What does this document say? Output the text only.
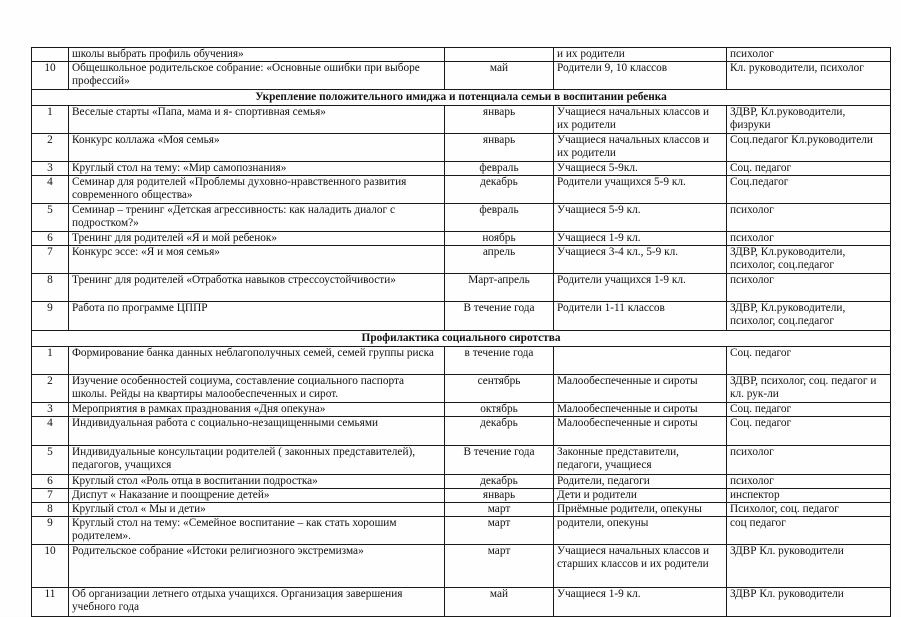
	школы выбрать профиль обучения»		и их родители	психолог
10	Общешкольное родительское собрание: «Основные ошибки при выборе профессий»	май	Родители 9, 10 классов	Кл. руководители, психолог
Укрепление положительного имиджа и потенциала семьи в воспитании ребенка				
1	Веселые старты «Папа, мама и я- спортивная семья»	январь	Учащиеся начальных классов и их родители	ЗДВР, Кл.руководители, физруки
2	Конкурс коллажа «Моя семья»	январь	Учащиеся начальных классов и их родители	Соц.педагог Кл.руководители
3	Круглый стол на тему: «Мир самопознания»	февраль	Учащиеся 5-9кл.	Соц. педагог
4	Семинар для родителей «Проблемы духовно-нравственного развития современного общества»	декабрь	Родители учащихся 5-9 кл.	Соц.педагог
5	Семинар – тренинг «Детская агрессивность: как наладить диалог с подростком?»	февраль	Учащиеся 5-9 кл.	психолог
6	Тренинг для родителей «Я и мой ребенок»	ноябрь	Учащиеся 1-9 кл.	психолог
7	Конкурс эссе: «Я и моя семья»	апрель	Учащиеся 3-4 кл., 5-9 кл.	ЗДВР, Кл.руководители, психолог, соц.педагог
8	Тренинг для родителей «Отработка навыков стрессоустойчивости»	Март-апрель	Родители учащихся 1-9 кл.	психолог
9	Работа по программе ЦППР	В течение года	Родители 1-11 классов	ЗДВР, Кл.руководители, психолог, соц.педагог
Профилактика социального сиротства				
1	Формирование банка данных неблагополучных семей, семей группы риска	в течение года		Соц. педагог
2	Изучение особенностей социума, составление социального паспорта школы. Рейды на квартиры малообеспеченных и сирот.	сентябрь	Малообеспеченные и сироты	ЗДВР, психолог, соц. педагог и кл. рук-ли
3	Мероприятия в рамках празднования «Дня опекуна»	октябрь	Малообеспеченные и сироты	Соц. педагог
4	Индивидуальная работа с социально-незащищенными семьями	декабрь	Малообеспеченные и сироты	Соц. педагог
5	Индивидуальные консультации родителей ( законных представителей), педагогов, учащихся	В течение года	Законные представители, педагоги, учащиеся	психолог
6	Круглый стол «Роль отца в воспитании подростка»	декабрь	Родители, педагоги	психолог
7	Диспут « Наказание и поощрение детей»	январь	Дети и родители	инспектор
8	Круглый стол « Мы и дети»	март	Приёмные родители, опекуны	Психолог, соц. педагог
9	Круглый стол на тему: «Семейное воспитание – как стать хорошим родителем».	март	родители, опекуны	соц педагог
10	Родительское собрание «Истоки религиозного экстремизма»	март	Учащиеся начальных классов и старших классов и их родители	ЗДВР Кл. руководители
11	Об организации летнего отдыха учащихся. Организация завершения учебного года	май	Учащиеся 1-9 кл.	ЗДВР Кл. руководители
